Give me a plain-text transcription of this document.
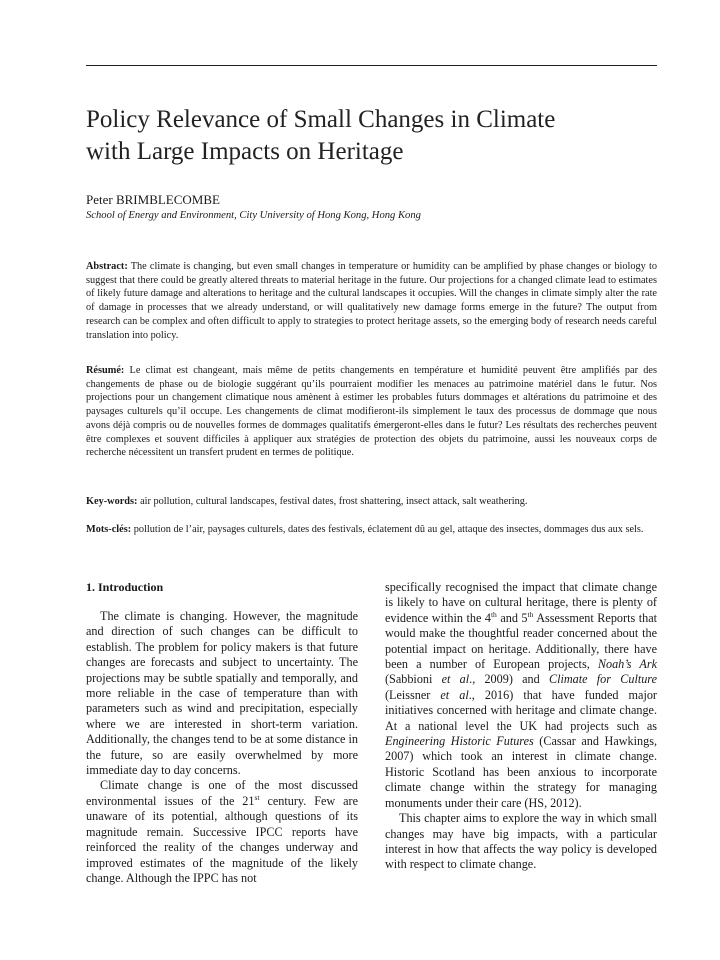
Policy Relevance of Small Changes in Climate
with Large Impacts on Heritage
Peter BRIMBLECOMBE
School of Energy and Environment, City University of Hong Kong, Hong Kong
Abstract: The climate is changing, but even small changes in temperature or humidity can be amplified by phase changes or biology to suggest that there could be greatly altered threats to material heritage in the future. Our projections for a changed climate lead to estimates of likely future damage and alterations to heritage and the cultural landscapes it occupies. Will the changes in climate simply alter the rate of damage in processes that we already understand, or will qualitatively new damage forms emerge in the future? The output from research can be complex and often difficult to apply to strategies to protect heritage assets, so the emerging body of research needs careful translation into policy.
Résumé: Le climat est changeant, mais même de petits changements en température et humidité peuvent être amplifiés par des changements de phase ou de biologie suggérant qu’ils pourraient modifier les menaces au patrimoine matériel dans le futur. Nos projections pour un changement climatique nous amènent à estimer les probables futurs dommages et altérations du patrimoine et des paysages culturels qu’il occupe. Les changements de climat modifieront-ils simplement le taux des processus de dommage que nous avons déjà compris ou de nouvelles formes de dommages qualitatifs émergeront-elles dans le futur? Les résultats des recherches peuvent être complexes et souvent difficiles à appliquer aux stratégies de protection des objets du patrimoine, aussi les nouveaux corps de recherche nécessitent un transfert prudent en termes de politique.
Key-words: air pollution, cultural landscapes, festival dates, frost shattering, insect attack, salt weathering.
Mots-clés: pollution de l’air, paysages culturels, dates des festivals, éclatement dû au gel, attaque des insectes, dommages dus aux sels.
1. Introduction

The climate is changing. However, the magnitude and direction of such changes can be difficult to establish. The problem for policy makers is that future changes are forecasts and subject to uncertainty. The projections may be subtle spatially and temporally, and more reliable in the case of temperature than with parameters such as wind and precipitation, especially where we are interested in short-term variation. Additionally, the changes tend to be at some distance in the future, so are easily overwhelmed by more immediate day to day concerns.

Climate change is one of the most discussed environmental issues of the 21st century. Few are unaware of its potential, although questions of its magnitude remain. Successive IPCC reports have reinforced the reality of the changes underway and improved estimates of the magnitude of the likely change. Although the IPPC has not

specifically recognised the impact that climate change is likely to have on cultural heritage, there is plenty of evidence within the 4th and 5th Assessment Reports that would make the thoughtful reader concerned about the potential impact on heritage. Additionally, there have been a number of European projects, Noah’s Ark (Sabbioni et al., 2009) and Climate for Culture (Leissner et al., 2016) that have funded major initiatives concerned with heritage and climate change. At a national level the UK had projects such as Engineering Historic Futures (Cassar and Hawkings, 2007) which took an interest in climate change. Historic Scotland has been anxious to incorporate climate change within the strategy for managing monuments under their care (HS, 2012).

This chapter aims to explore the way in which small changes may have big impacts, with a particular interest in how that affects the way policy is developed with respect to climate change.
